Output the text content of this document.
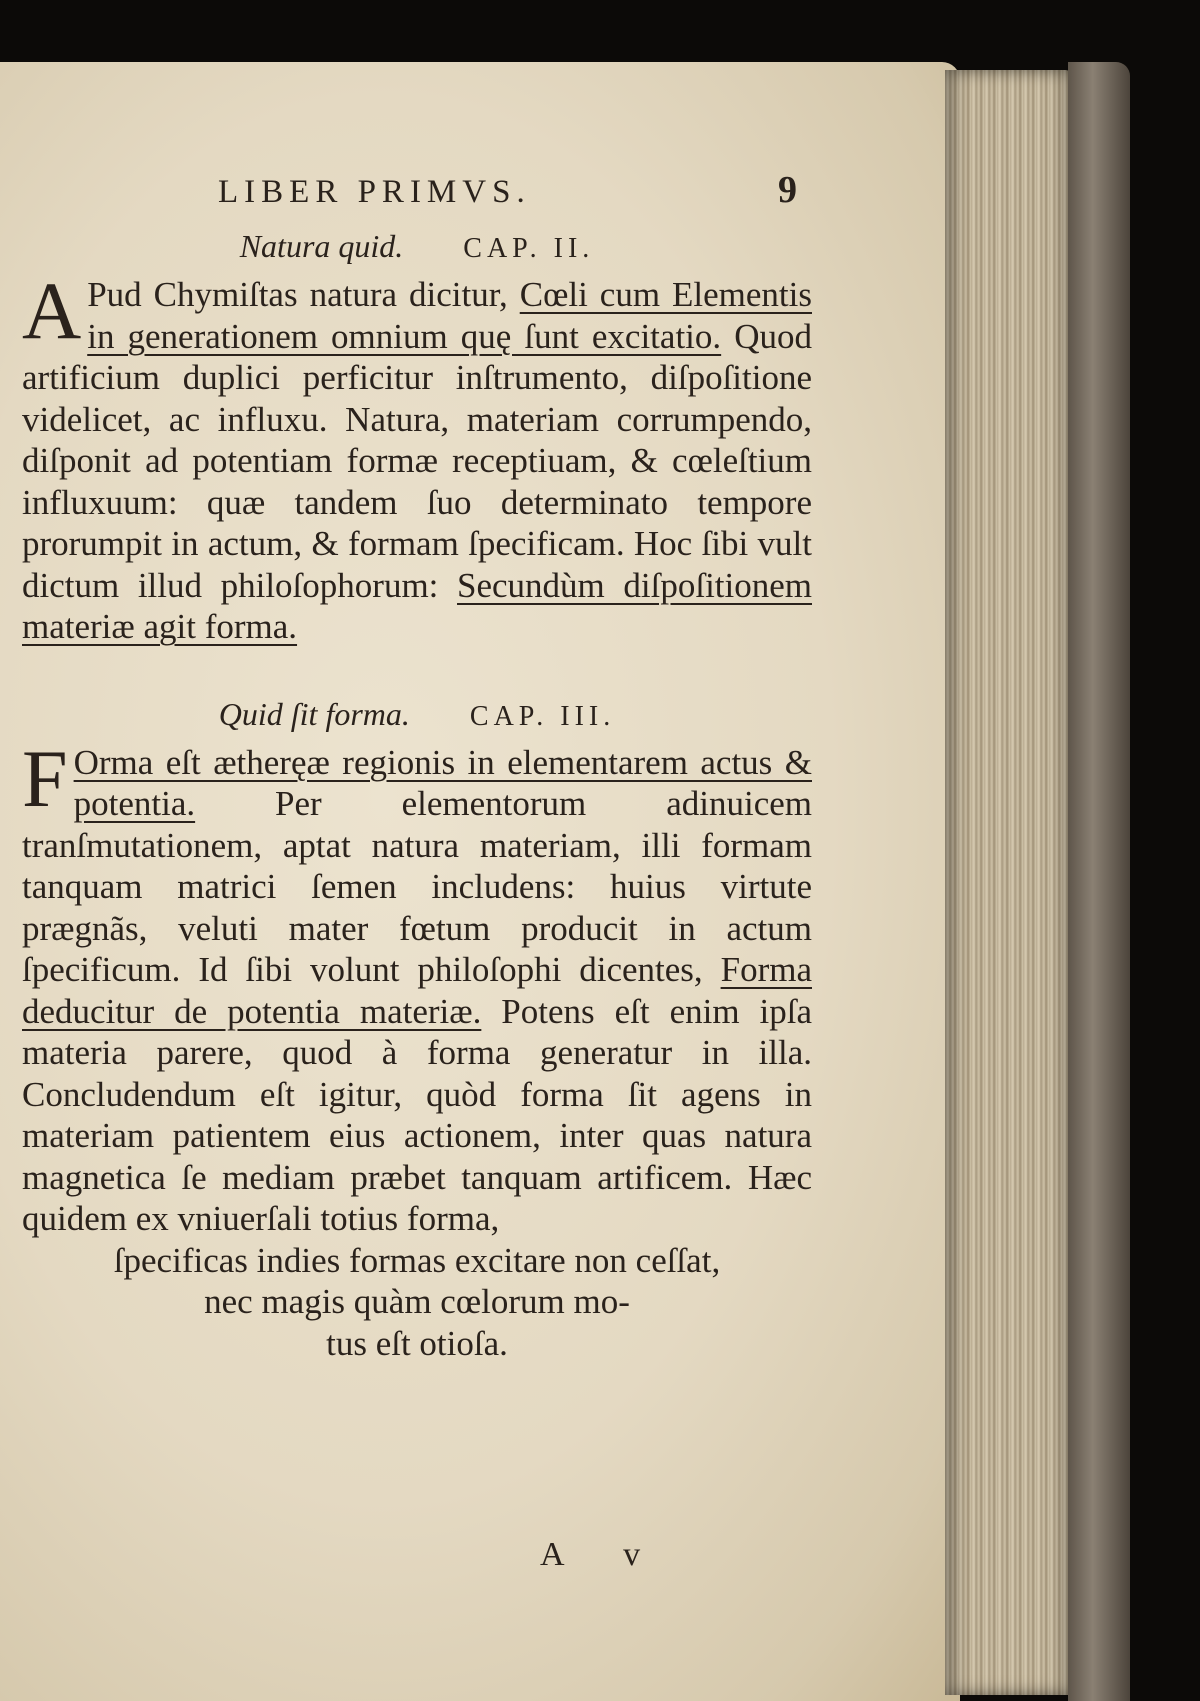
LIBER PRIMVS.	9
Natura quid. CAP. II.
A Pud Chymiſtas natura dicitur, Cœli cum Elementis in generationem omnium quę ſunt excitatio. Quod artificium duplici perficitur inſtrumento, diſpoſitione videlicet, ac influxu. Natura, materiam corrumpendo, diſponit ad potentiam formæ receptiuam, & cœleſtium influxuum: quæ tandem ſuo determinato tempore prorumpit in actum, & formam ſpecificam. Hoc ſibi vult dictum illud philoſophorum: Secundùm diſpoſitionem materiæ agit forma.
Quid ſit forma. CAP. III.
F Orma eſt ætheręæ regionis in elementarem actus & potentia. Per elementorum adinuicem tranſmutationem, aptat natura materiam, illi formam tanquam matrici ſemen includens: huius virtute prægnãs, veluti mater fœtum producit in actum ſpecificum. Id ſibi volunt philoſophi dicentes, Forma deducitur de potentia materiæ. Potens eſt enim ipſa materia parere, quod à forma generatur in illa. Concludendum eſt igitur, quòd forma ſit agens in materiam patientem eius actionem, inter quas natura magnetica ſe mediam præbet tanquam artificem. Hæc quidem ex vniuerſali totius forma,
ſpecificas indies formas excitare non ceſſat,
nec magis quàm cœlorum mo-
tus eſt otioſa.
A v
